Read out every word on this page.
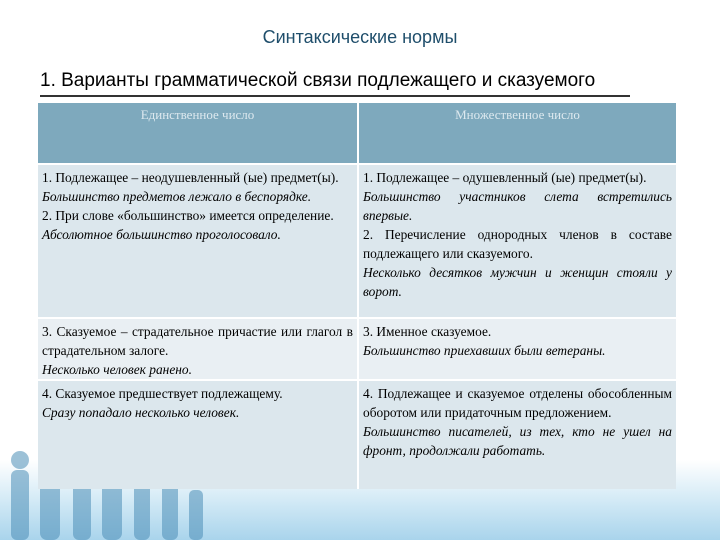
Синтаксические нормы
1. Варианты грамматической связи подлежащего и сказуемого
Единственное число	Множественное число

1. Подлежащее – неодушевленный (ые) предмет(ы).

Большинство предметов лежало в беспорядке.

2. При слове «большинство» имеется определение.

Абсолютное большинство проголосовало.

1. Подлежащее – одушевленный (ые) предмет(ы).

Большинство участников слета встретились впервые.

2. Перечисление однородных членов в составе подлежащего или сказуемого.

Несколько десятков мужчин и женщин стояли у ворот.

3. Сказуемое – страдательное причастие или глагол в страдательном залоге.

Несколько человек ранено.

3. Именное сказуемое.

Большинство приехавших были ветераны.

4. Сказуемое предшествует подлежащему.

Сразу попадало несколько человек.

4. Подлежащее и сказуемое отделены обособленным оборотом или придаточным предложением.

Большинство писателей, из тех, кто не ушел на фронт, продолжали работать.
